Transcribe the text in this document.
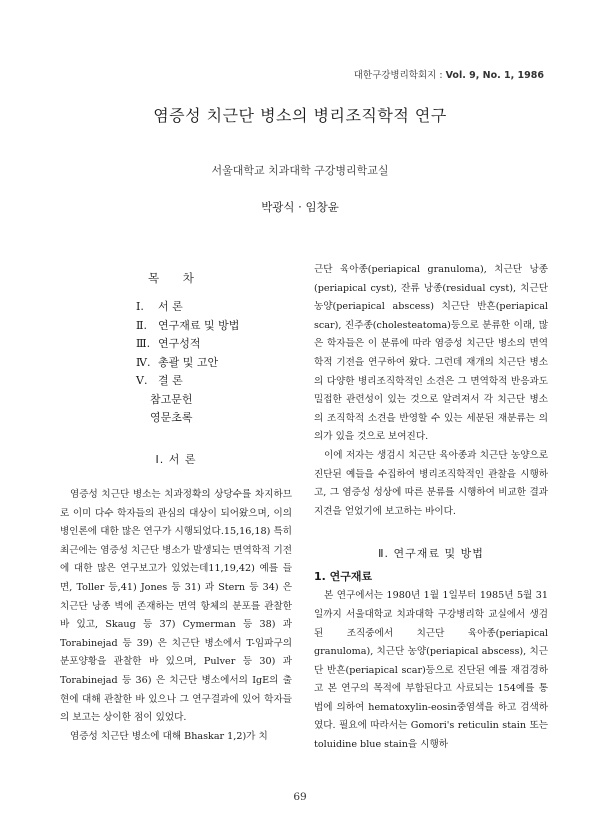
대한구강병리학회지 : Vol. 9, No. 1, 1986
염증성 치근단 병소의 병리조직학적 연구
서울대학교 치과대학 구강병리학교실
박광식 · 임창윤
목 차
Ⅰ. 서 론
Ⅱ. 연구재료 및 방법
Ⅲ. 연구성적
Ⅳ. 총괄 및 고안
Ⅴ. 결 론
참고문헌
영문초록
Ⅰ. 서 론
염증성 치근단 병소는 치과정확의 상당수를 차지하므로 이미 다수 학자들의 관심의 대상이 되어왔으며, 이의 병인론에 대한 많은 연구가 시행되었다.15,16,18) 특히 최근에는 염증성 치근단 병소가 발생되는 면역학적 기전에 대한 많은 연구보고가 있었는데11,19,42) 예를 들면, Toller 등,41) Jones 등 31) 과 Stern 등 34) 은 치근단 낭종 벽에 존재하는 면역 항체의 분포를 관찰한 바 있고, Skaug 등 37) Cymerman 등 38) 과 Torabinejad 등 39) 은 치근단 병소에서 T-임파구의 분포양황을 관찰한 바 있으며, Pulver 등 30) 과 Torabinejad 등 36) 은 치근단 병소에서의 IgE의 출현에 대해 관찰한 바 있으나 그 연구결과에 있어 학자들의 보고는 상이한 점이 있었다.
염증성 치근단 병소에 대해 Bhaskar 1,2)가 치
근단 육아종(periapical granuloma), 치근단 낭종(periapical cyst), 잔류 낭종(residual cyst), 치근단 농양(periapical abscess) 치근단 반흔(periapical scar), 진주종(cholesteatoma)등으로 분류한 이래, 많은 학자들은 이 분류에 따라 염증성 치근단 병소의 면역학적 기전을 연구하여 왔다. 그런데 재개의 치근단 병소의 다양한 병리조직학적인 소견은 그 면역학적 반응과도 밀접한 관련성이 있는 것으로 알려져서 각 치근단 병소의 조직학적 소견을 반영할 수 있는 세분된 재분류는 의의가 있을 것으로 보여진다.
이에 저자는 생검시 치근단 육아종과 치근단 농양으로 진단된 예들을 수집하여 병리조직학적인 관찰을 시행하고, 그 염증성 성상에 따른 분류를 시행하여 비교한 결과 지견을 얻었기에 보고하는 바이다.
Ⅱ. 연구재료 및 방법
1. 연구재료
본 연구에서는 1980년 1월 1일부터 1985년 5월 31일까지 서울대학교 치과대학 구강병리학 교실에서 생검된 조직중에서 치근단 육아종(periapical granuloma), 치근단 농양(periapical abscess), 치근단 반흔(periapical scar)등으로 진단된 예를 재검경하고 본 연구의 목적에 부합된다고 사료되는 154예를 통법에 의하여 hematoxylin-eosin중염색을 하고 검색하였다. 필요에 따라서는 Gomori's reticulin stain 또는 toluidine blue stain을 시행하
69
